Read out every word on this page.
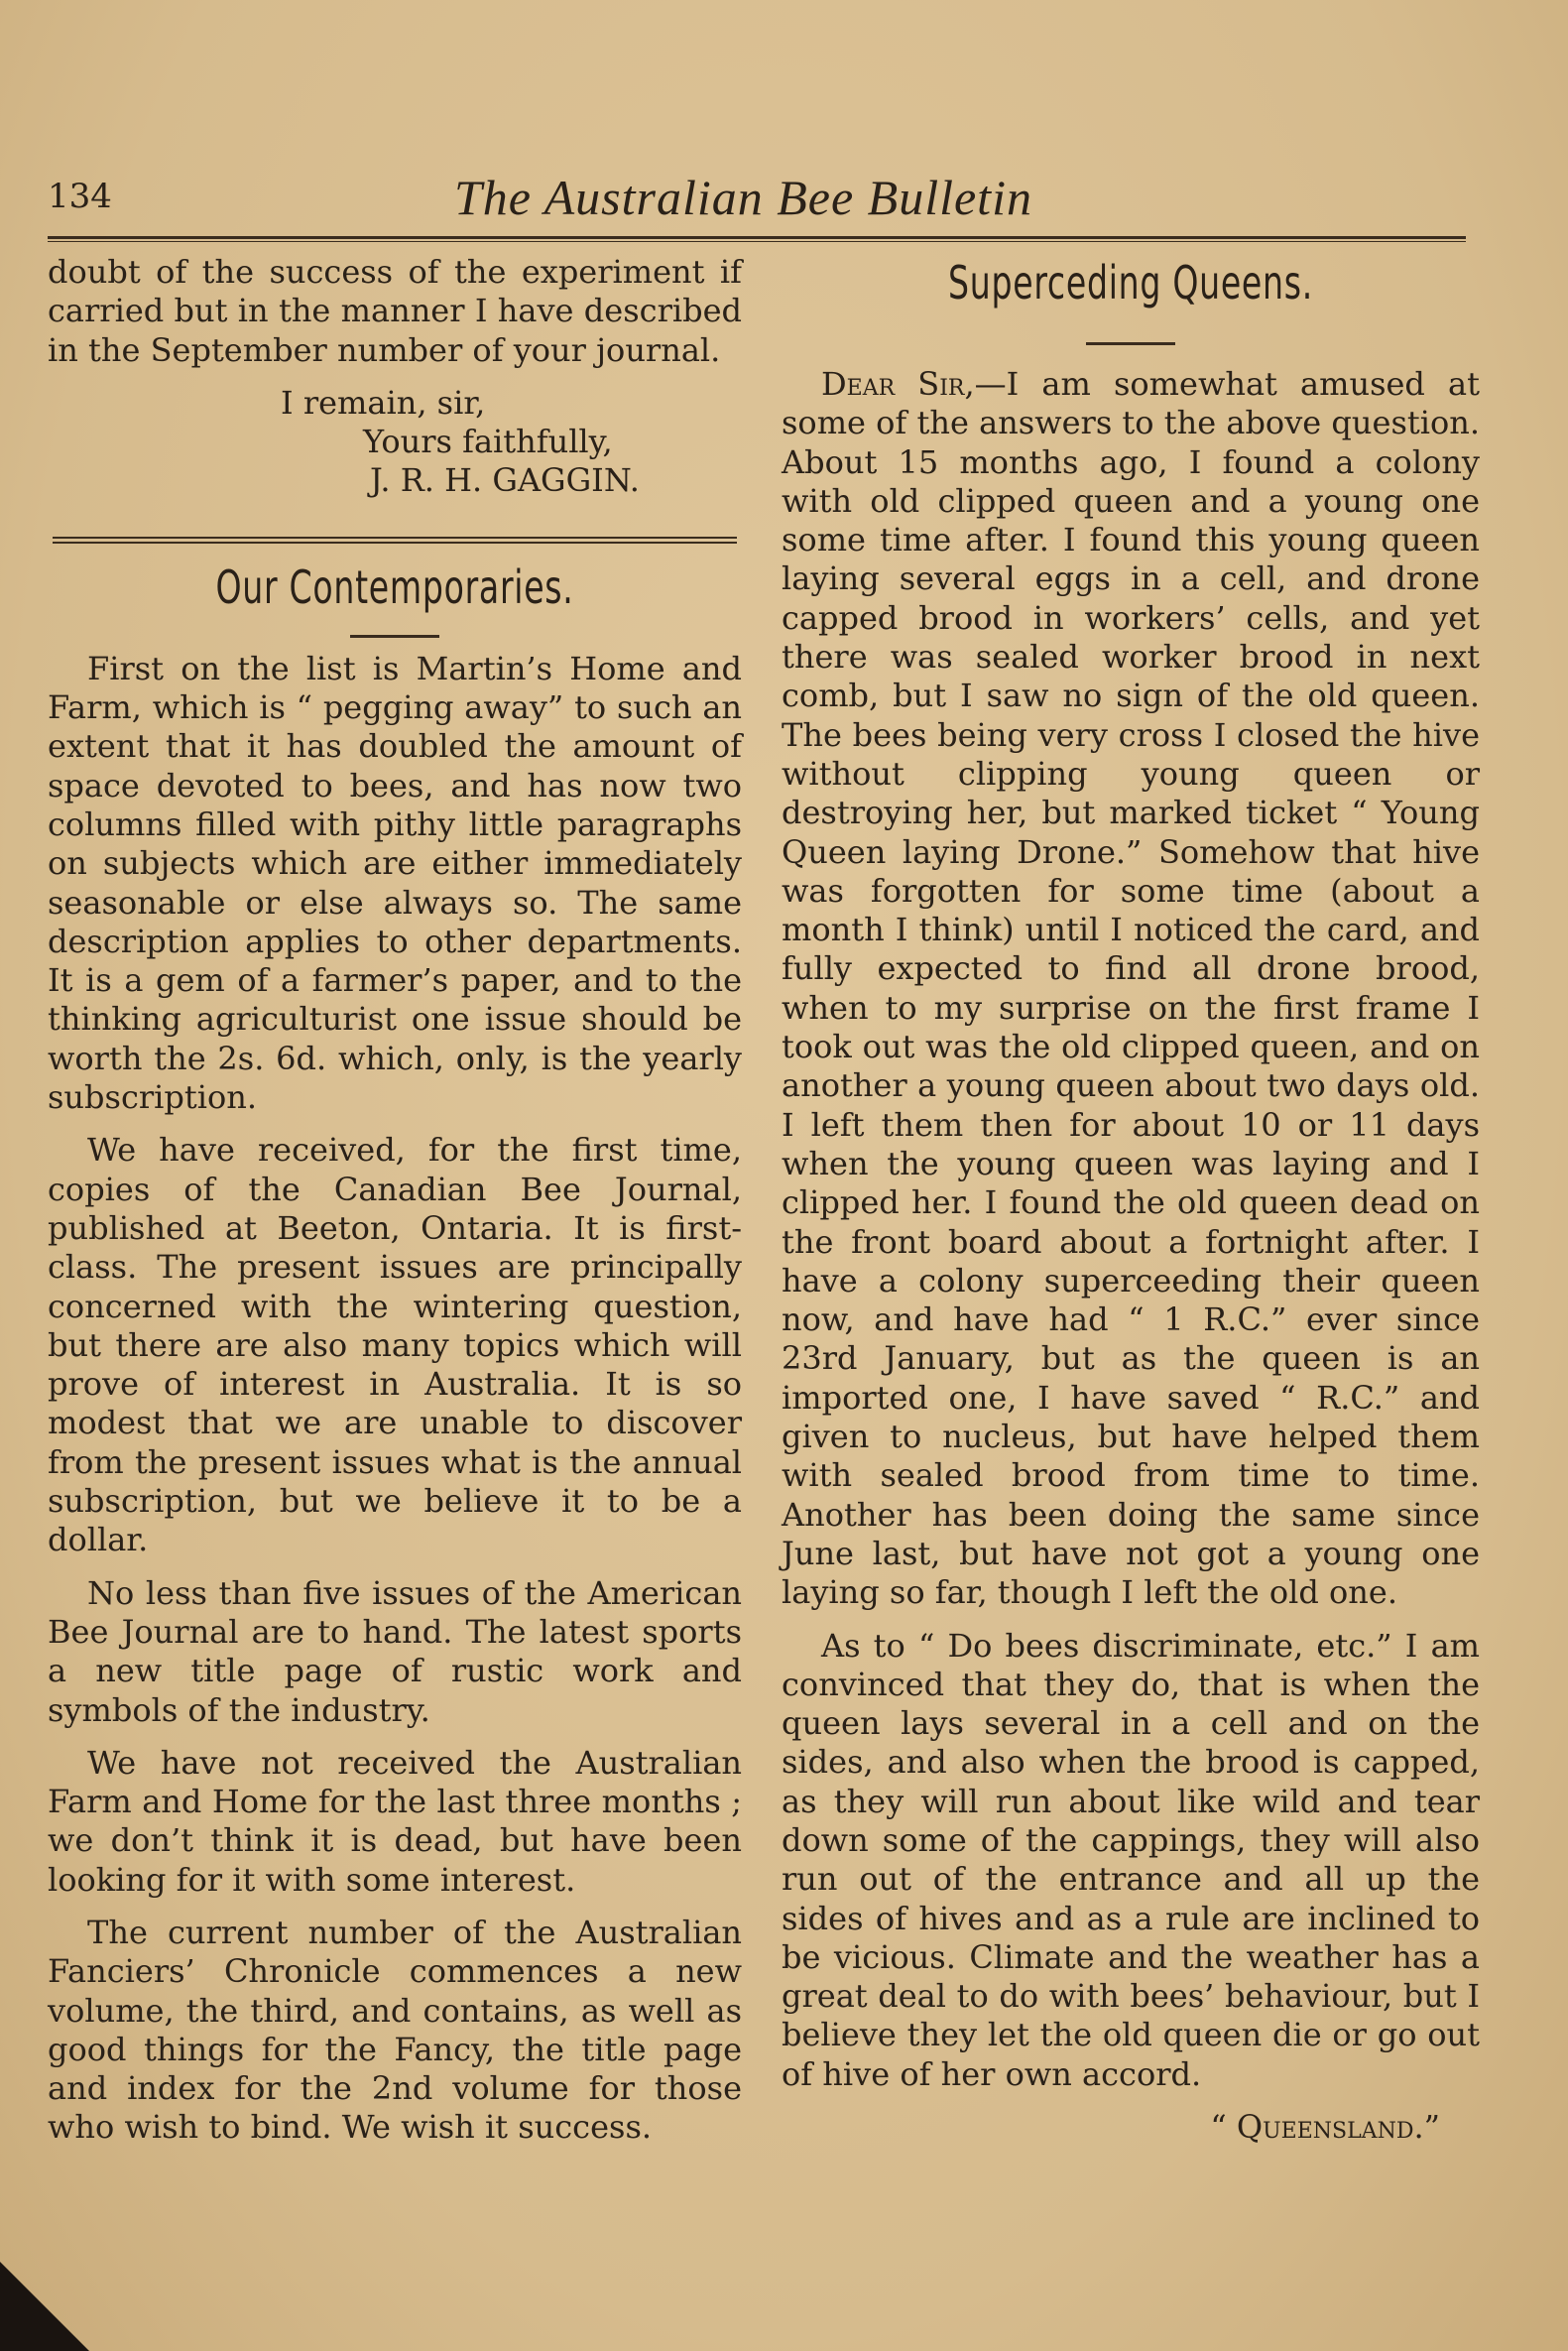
134	The Australian Bee Bulletin

doubt of the success of the experiment if carried but in the manner I have described in the September number of your journal.

I remain, sir,
Yours faithfully,
J. R. H. GAGGIN.
Our Contemporaries.

First on the list is Martin’s Home and Farm, which is “ pegging away” to such an extent that it has doubled the amount of space devoted to bees, and has now two columns filled with pithy little paragraphs on subjects which are either immediately seasonable or else always so. The same description applies to other departments. It is a gem of a farmer’s paper, and to the thinking agriculturist one issue should be worth the 2s. 6d. which, only, is the yearly subscription.

We have received, for the first time, copies of the Canadian Bee Journal, published at Beeton, Ontaria. It is first-class. The present issues are principally concerned with the wintering question, but there are also many topics which will prove of interest in Australia. It is so modest that we are unable to discover from the present issues what is the annual subscription, but we believe it to be a dollar.

No less than five issues of the American Bee Journal are to hand. The latest sports a new title page of rustic work and symbols of the industry.

We have not received the Australian Farm and Home for the last three months ; we don’t think it is dead, but have been looking for it with some interest.

The current number of the Australian Fanciers’ Chronicle commences a new volume, the third, and contains, as well as good things for the Fancy, the title page and index for the 2nd volume for those who wish to bind. We wish it success.

Superceding Queens.

Dear Sir,—I am somewhat amused at some of the answers to the above question. About 15 months ago, I found a colony with old clipped queen and a young one some time after. I found this young queen laying several eggs in a cell, and drone capped brood in workers’ cells, and yet there was sealed worker brood in next comb, but I saw no sign of the old queen. The bees being very cross I closed the hive without clipping young queen or destroying her, but marked ticket “ Young Queen laying Drone.” Somehow that hive was forgotten for some time (about a month I think) until I noticed the card, and fully expected to find all drone brood, when to my surprise on the first frame I took out was the old clipped queen, and on another a young queen about two days old. I left them then for about 10 or 11 days when the young queen was laying and I clipped her. I found the old queen dead on the front board about a fortnight after. I have a colony superceeding their queen now, and have had “ 1 R.C.” ever since 23rd January, but as the queen is an imported one, I have saved “ R.C.” and given to nucleus, but have helped them with sealed brood from time to time. Another has been doing the same since June last, but have not got a young one laying so far, though I left the old one.

As to “ Do bees discriminate, etc.” I am convinced that they do, that is when the queen lays several in a cell and on the sides, and also when the brood is capped, as they will run about like wild and tear down some of the cappings, they will also run out of the entrance and all up the sides of hives and as a rule are inclined to be vicious. Climate and the weather has a great deal to do with bees’ behaviour, but I believe they let the old queen die or go out of hive of her own accord.

“ Queensland.”
